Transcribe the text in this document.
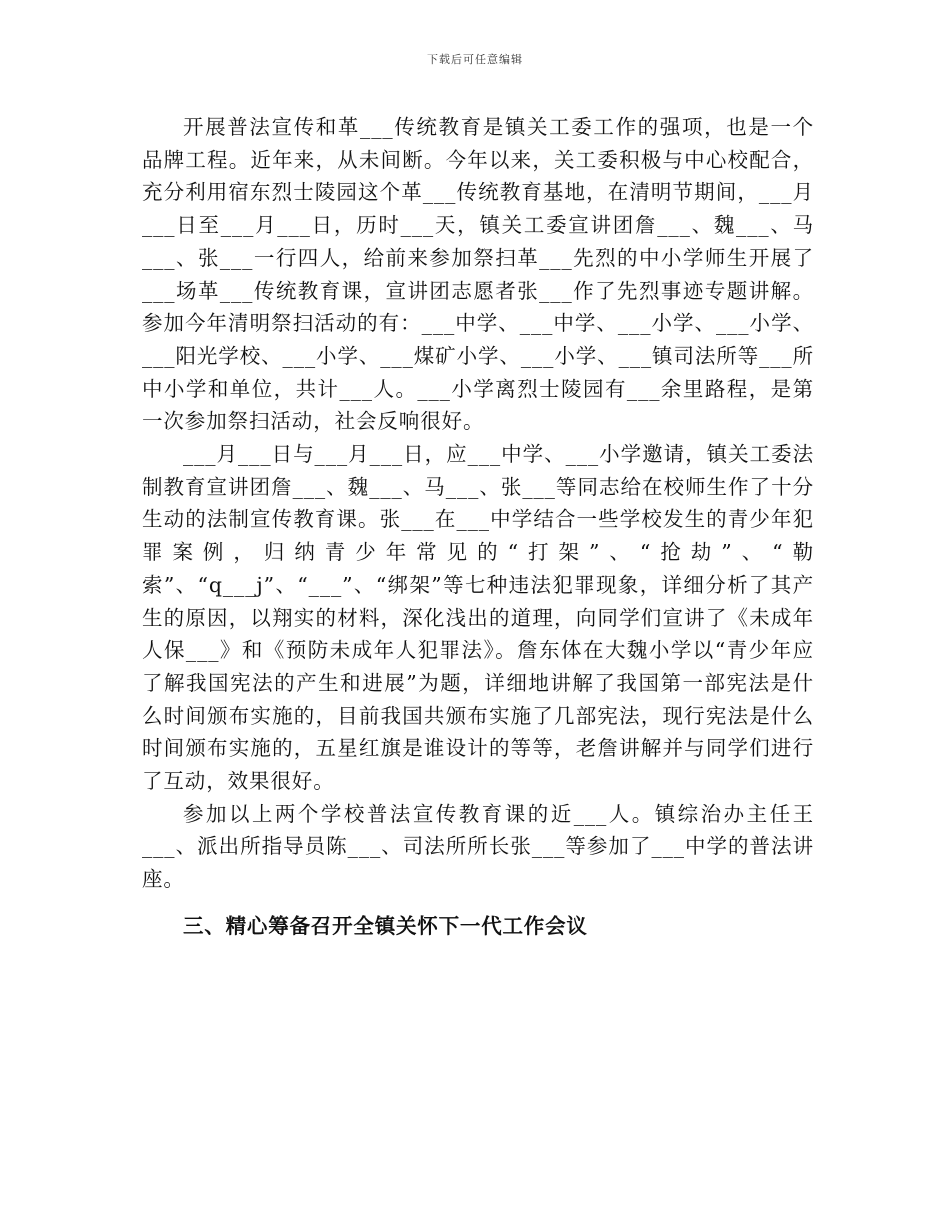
下载后可任意编辑

开展普法宣传和革___传统教育是镇关工委工作的强项，也是一个品牌工程。近年来，从未间断。今年以来，关工委积极与中心校配合，充分利用宿东烈士陵园这个革___传统教育基地，在清明节期间，___月___日至___月___日，历时___天，镇关工委宣讲团詹___、魏___、马___、张___一行四人，给前来参加祭扫革___先烈的中小学师生开展了___场革___传统教育课，宣讲团志愿者张___作了先烈事迹专题讲解。参加今年清明祭扫活动的有：___中学、___中学、___小学、___小学、___阳光学校、___小学、___煤矿小学、___小学、___镇司法所等___所中小学和单位，共计___人。___小学离烈士陵园有___余里路程，是第一次参加祭扫活动，社会反响很好。

___月___日与___月___日，应___中学、___小学邀请，镇关工委法制教育宣讲团詹___、魏___、马___、张___等同志给在校师生作了十分生动的法制宣传教育课。张___在___中学结合一些学校发生的青少年犯罪案例，归纳青少年常见的“打架”、“抢劫”、“勒索”、“q___j”、“___”、“绑架”等七种违法犯罪现象，详细分析了其产生的原因，以翔实的材料，深化浅出的道理，向同学们宣讲了《未成年人保___》和《预防未成年人犯罪法》。詹东体在大魏小学以“青少年应了解我国宪法的产生和进展”为题，详细地讲解了我国第一部宪法是什么时间颁布实施的，目前我国共颁布实施了几部宪法，现行宪法是什么时间颁布实施的，五星红旗是谁设计的等等，老詹讲解并与同学们进行了互动，效果很好。

参加以上两个学校普法宣传教育课的近___人。镇综治办主任王___、派出所指导员陈___、司法所所长张___等参加了___中学的普法讲座。

三、精心筹备召开全镇关怀下一代工作会议
